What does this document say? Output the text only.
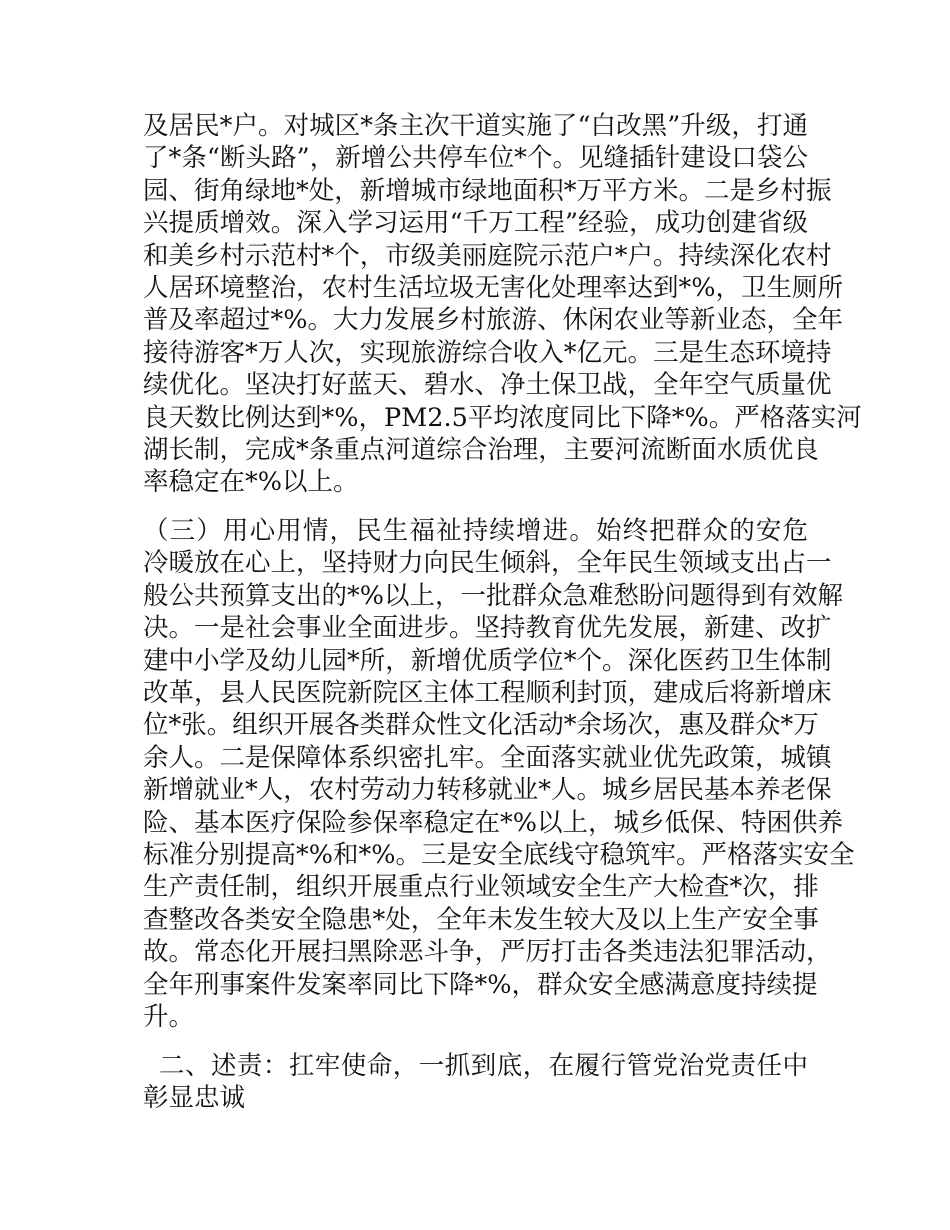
及居民*户。对城区*条主次干道实施了“白改黑”升级，打通
了*条“断头路”，新增公共停车位*个。见缝插针建设口袋公
园、街角绿地*处，新增城市绿地面积*万平方米。二是乡村振
兴提质增效。深入学习运用“千万工程”经验，成功创建省级
和美乡村示范村*个，市级美丽庭院示范户*户。持续深化农村
人居环境整治，农村生活垃圾无害化处理率达到*%，卫生厕所
普及率超过*%。大力发展乡村旅游、休闲农业等新业态，全年
接待游客*万人次，实现旅游综合收入*亿元。三是生态环境持
续优化。坚决打好蓝天、碧水、净土保卫战，全年空气质量优
良天数比例达到*%，PM2.5平均浓度同比下降*%。严格落实河
湖长制，完成*条重点河道综合治理，主要河流断面水质优良
率稳定在*%以上。
（三）用心用情，民生福祉持续增进。始终把群众的安危
冷暖放在心上，坚持财力向民生倾斜，全年民生领域支出占一
般公共预算支出的*%以上，一批群众急难愁盼问题得到有效解
决。一是社会事业全面进步。坚持教育优先发展，新建、改扩
建中小学及幼儿园*所，新增优质学位*个。深化医药卫生体制
改革，县人民医院新院区主体工程顺利封顶，建成后将新增床
位*张。组织开展各类群众性文化活动*余场次，惠及群众*万
余人。二是保障体系织密扎牢。全面落实就业优先政策，城镇
新增就业*人，农村劳动力转移就业*人。城乡居民基本养老保
险、基本医疗保险参保率稳定在*%以上，城乡低保、特困供养
标准分别提高*%和*%。三是安全底线守稳筑牢。严格落实安全
生产责任制，组织开展重点行业领域安全生产大检查*次，排
查整改各类安全隐患*处，全年未发生较大及以上生产安全事
故。常态化开展扫黑除恶斗争，严厉打击各类违法犯罪活动，
全年刑事案件发案率同比下降*%，群众安全感满意度持续提
升。
二、述责：扛牢使命，一抓到底，在履行管党治党责任中
彰显忠诚
